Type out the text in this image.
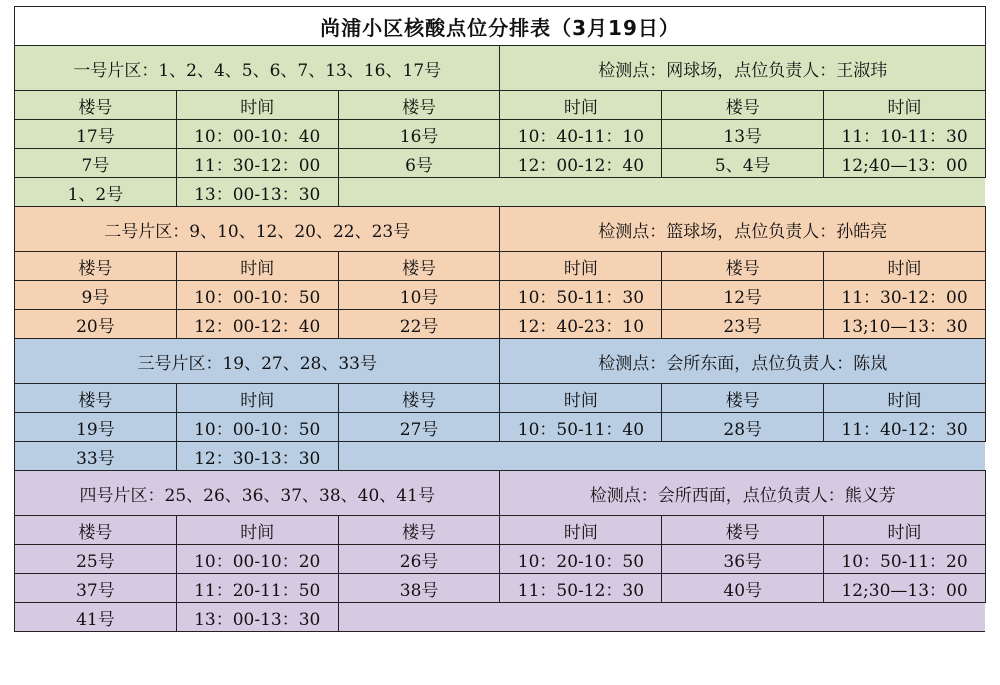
尚浦小区核酸点位分排表（3月19日）					
一号片区：1、2、4、5、6、7、13、16、17号			检测点：网球场，点位负责人：王淑玮		
楼号	时间	楼号	时间	楼号	时间
17号	10：00-10：40	16号	10：40-11：10	13号	11：10-11：30
7号	11：30-12：00	6号	12：00-12：40	5、4号	12;40—13：00
1、2号	13：00-13：30				
二号片区：9、10、12、20、22、23号			检测点：篮球场，点位负责人：孙皓亮		
楼号	时间	楼号	时间	楼号	时间
9号	10：00-10：50	10号	10：50-11：30	12号	11：30-12：00
20号	12：00-12：40	22号	12：40-23：10	23号	13;10—13：30
三号片区：19、27、28、33号			检测点：会所东面，点位负责人：陈岚		
楼号	时间	楼号	时间	楼号	时间
19号	10：00-10：50	27号	10：50-11：40	28号	11：40-12：30
33号	12：30-13：30				
四号片区：25、26、36、37、38、40、41号			检测点：会所西面，点位负责人：熊义芳		
楼号	时间	楼号	时间	楼号	时间
25号	10：00-10：20	26号	10：20-10：50	36号	10：50-11：20
37号	11：20-11：50	38号	11：50-12：30	40号	12;30—13：00
41号	13：00-13：30				
